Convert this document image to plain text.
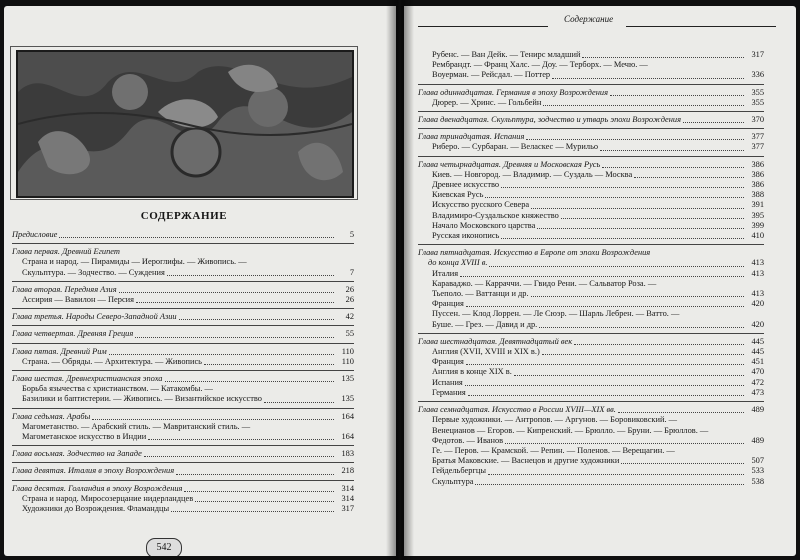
СОДЕРЖАНИЕ
Предисловие	5
Глава первая. Древний Египет
Страна и народ. — Пирамиды — Иероглифы. — Живопись. —
Скульптура. — Зодчество. — Суждения	7
Глава вторая. Передняя Азия	26
Ассирия — Вавилон — Персия	26
Глава третья. Народы Северо-Западной Азии	42
Глава четвертая. Древняя Греция	55
Глава пятая. Древний Рим	110
Страна. — Обряды. — Архитектура. — Живопись	110
Глава шестая. Древнехристианская эпоха	135
Борьба язычества с христианством. — Катакомбы. —
Базилики и баптистерии. — Живопись. — Византийское искусство	135
Глава седьмая. Арабы	164
Магометанство. — Арабский стиль. — Мавританский стиль. —
Магометанское искусство в Индии	164
Глава восьмая. Зодчество на Западе	183
Глава девятая. Италия в эпоху Возрождения	218
Глава десятая. Голландия в эпоху Возрождения	314
Страна и народ. Миросозерцание нидерландцев	314
Художники до Возрождения. Фламандцы	317
542
Содержание
Рубенс. — Ван Дейк. — Тенирс младший	317
Рембрандт. — Франц Халс. — Доу. — Терборх. — Мечю. —
Воуерман. — Рейсдал. — Поттер	336
Глава одиннадцатая. Германия в эпоху Возрождения	355
Дюрер. — Хринс. — Гольбейн	355
Глава двенадцатая. Скульптура, зодчество и утварь эпохи Возрождения	370
Глава тринадцатая. Испания	377
Риберо. — Сурбаран. — Веласкес — Мурильо	377
Глава четырнадцатая. Древняя и Московская Русь	386
Киев. — Новгород. — Владимир. — Суздаль — Москва	386
Древнее искусство	386
Киевская Русь	388
Искусство русского Севера	391
Владимиро-Суздальское княжество	395
Начало Московского царства	399
Русская иконопись	410
Глава пятнадцатая. Искусство в Европе от эпохи Возрождения
до конца XVIII в.	413
Италия	413
Караваджо. — Карраччи. — Гвидо Рени. — Сальватор Роза. —
Тьеполо. — Ваттанци и др.	413
Франция	420
Пуссен. — Клод Лоррен. — Ле Сюэр. — Шарль Лебрен. — Ватто. —
Буше. — Грез. — Давид и др.	420
Глава шестнадцатая. Девятнадцатый век	445
Англия (XVII, XVIII и XIX в.)	445
Франция	451
Англия в конце XIX в.	470
Испания	472
Германия	473
Глава семнадцатая. Искусство в России XVIII—XIX вв.	489
Первые художники. — Антропов. — Аргунов. — Боровиковский. —
Венецианов — Егоров. — Кипренский. — Брюлло. — Бруни. — Брюллов. —
Федотов. — Иванов	489
Ге. — Перов. — Крамской. — Репин. — Поленов. — Верещагин. —
Братья Маковские. — Васнецов и другие художники	507
Гейдельбергцы	533
Скульптура	538
